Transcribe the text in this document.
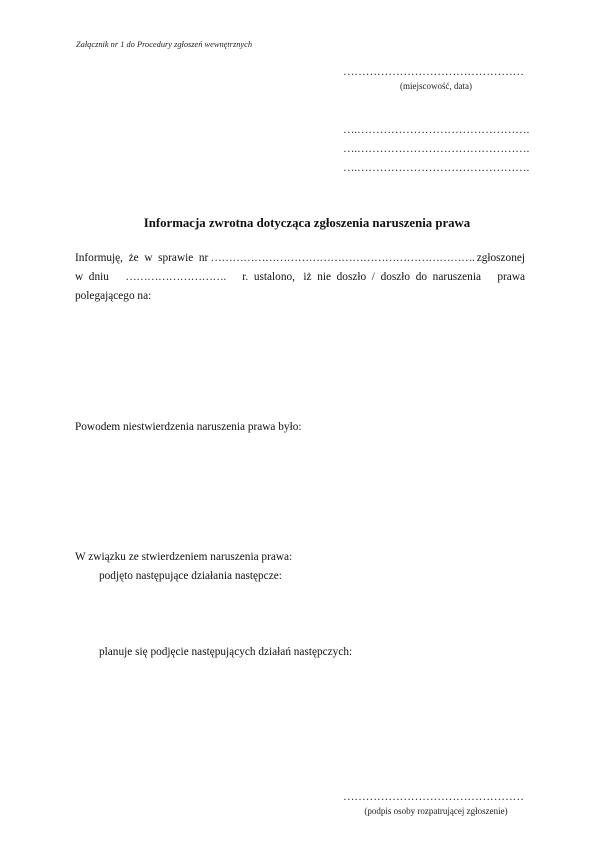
Załącznik nr 1 do Procedury zgłoszeń wewnętrznych
…………………………………………
(miejscowość, data)
….……………………………………….
….……………………………………….
….……………………………………….
Informacja zwrotna dotycząca zgłoszenia naruszenia prawa
Informuję,  że  w  sprawie  nr ………………………………………………………………. zgłoszonej
w  dniu ………………………. r.  ustalono,   iż  nie  doszło  /  doszło  do  naruszenia prawa
polegającego na:
Powodem niestwierdzenia naruszenia prawa było:
W związku ze stwierdzeniem naruszenia prawa:
podjęto następujące działania następcze:
planuje się podjęcie następujących działań następczych:
…………………………………………
(podpis osoby rozpatrującej zgłoszenie)
